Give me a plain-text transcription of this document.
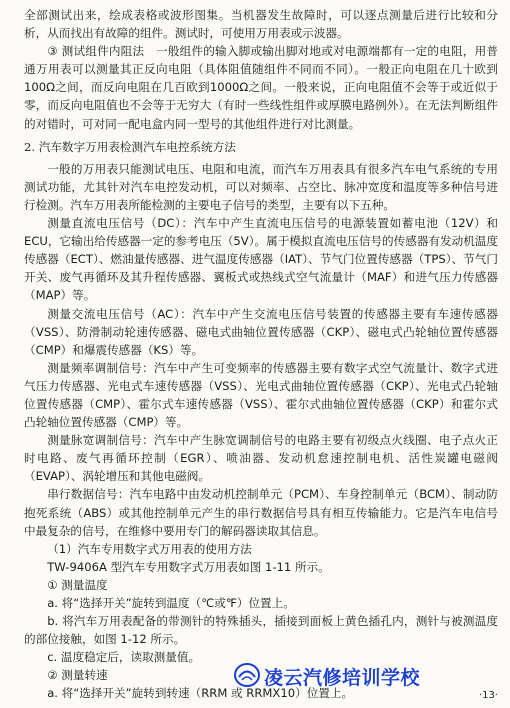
全部测试出来，绘成表格或波形图集。当机器发生故障时，可以逐点测量后进行比较和分析，从而找出有故障的组件。测试时，可使用万用表或示波器。

③ 测试组件内阻法　一般组件的输入脚或输出脚对地或对电源端都有一定的电阻，用普通万用表可以测量其正反向电阻（具体阻值随组件不同而不同）。一般正向电阻在几十欧到100Ω之间，而反向电阻在几百欧到1000Ω之间。一般来说，正向电阻值不会等于或近似于零，而反向电阻值也不会等于无穷大（有时一些线性组件或厚膜电路例外）。在无法判断组件的对错时，可对同一配电盒内同一型号的其他组件进行对比测量。

2. 汽车数字万用表检测汽车电控系统方法

一般的万用表只能测试电压、电阻和电流，而汽车万用表具有很多汽车电气系统的专用测试功能，尤其针对汽车电控发动机，可以对频率、占空比、脉冲宽度和温度等多种信号进行检测。汽车万用表所能检测的主要电子信号的类型，主要有以下五种。

测量直流电压信号（DC）：汽车中产生直流电压信号的电源装置如蓄电池（12V）和ECU，它输出给传感器一定的参考电压（5V）。属于模拟直流电压信号的传感器有发动机温度传感器（ECT）、燃油量传感器、进气温度传感器（IAT）、节气门位置传感器（TPS）、节气门开关、废气再循环及其升程传感器、翼板式或热线式空气流量计（MAF）和进气压力传感器（MAP）等。

测量交流电压信号（AC）：汽车中产生交流电压信号装置的传感器主要有车速传感器（VSS）、防滑制动轮速传感器、磁电式曲轴位置传感器（CKP）、磁电式凸轮轴位置传感器（CMP）和爆震传感器（KS）等。

测量频率调制信号：汽车中产生可变频率的传感器主要有数字式空气流量计、数字式进气压力传感器、光电式车速传感器（VSS）、光电式曲轴位置传感器（CKP）、光电式凸轮轴位置传感器（CMP）、霍尔式车速传感器（VSS）、霍尔式曲轴位置传感器（CKP）和霍尔式凸轮轴位置传感器（CMP）等。

测量脉宽调制信号：汽车中产生脉宽调制信号的电路主要有初级点火线圈、电子点火正时电路、废气再循环控制（EGR）、喷油器、发动机怠速控制电机、活性炭罐电磁阀（EVAP）、涡轮增压和其他电磁阀。

串行数据信号：汽车电路中由发动机控制单元（PCM）、车身控制单元（BCM）、制动防抱死系统（ABS）或其他控制单元产生的串行数据信号具有相互传输能力。它是汽车电信号中最复杂的信号，在维修中要用专门的解码器读取其信息。

（1）汽车专用数字式万用表的使用方法

TW-9406A 型汽车专用数字式万用表如图 1-11 所示。

① 测量温度

a. 将“选择开关”旋转到温度（℃或℉）位置上。

b. 将汽车万用表配备的带测针的特殊插头，插接到面板上黄色插孔内，测针与被测温度的部位接触，如图 1-12 所示。

c. 温度稳定后，读取测量值。

② 测量转速

a. 将“选择开关”旋转到转速（RRM 或 RRMX10）位置上。

凌云汽修培训学校
·13·
